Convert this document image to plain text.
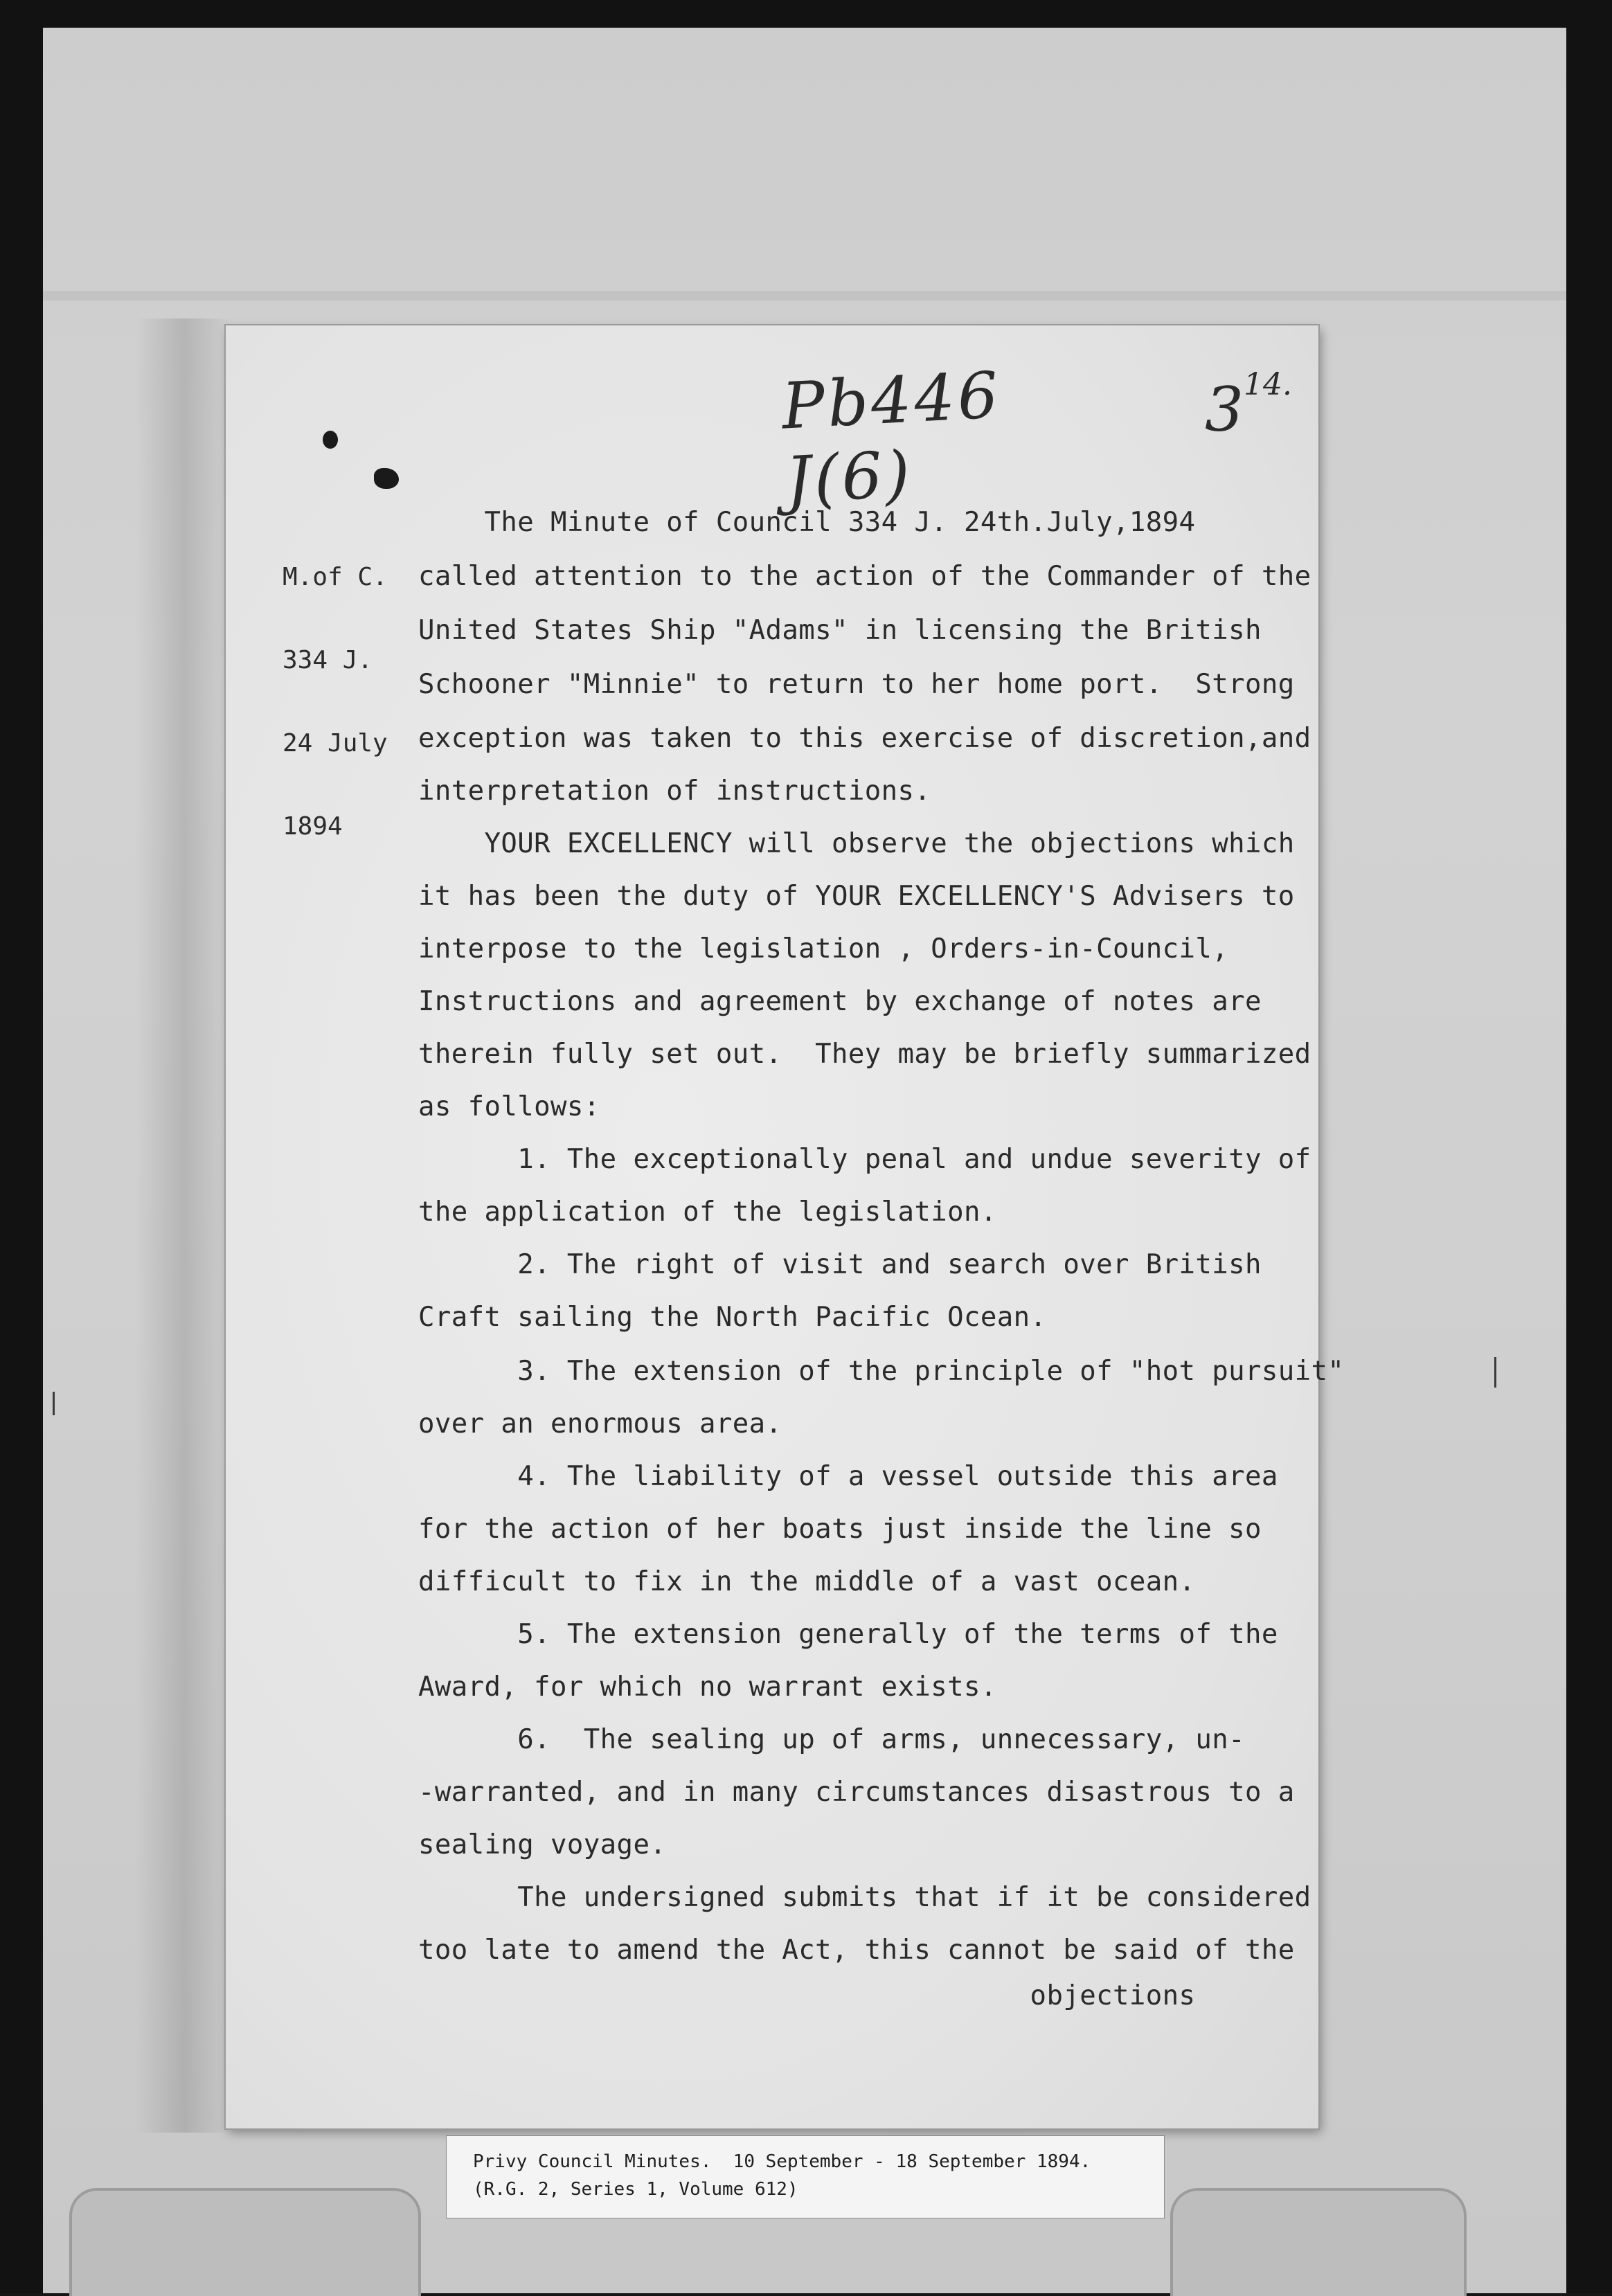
Pb446 J(6)
$3^{14.}$

M.of C.

334 J.

24 July

1894

The Minute of Council 334 J. 24th.July,1894
called attention to the action of the Commander of the
United States Ship "Adams" in licensing the British
Schooner "Minnie" to return to her home port.  Strong
exception was taken to this exercise of discretion,and
interpretation of instructions.
YOUR EXCELLENCY will observe the objections which
it has been the duty of YOUR EXCELLENCY'S Advisers to
interpose to the legislation , Orders-in-Council,
Instructions and agreement by exchange of notes are
therein fully set out.  They may be briefly summarized
as follows:
1. The exceptionally penal and undue severity of
the application of the legislation.
2. The right of visit and search over British
Craft sailing the North Pacific Ocean.
3. The extension of the principle of "hot pursuit"
over an enormous area.
4. The liability of a vessel outside this area
for the action of her boats just inside the line so
difficult to fix in the middle of a vast ocean.
5. The extension generally of the terms of the
Award, for which no warrant exists.
6.  The sealing up of arms, unnecessary, un-
-warranted, and in many circumstances disastrous to a
sealing voyage.
The undersigned submits that if it be considered
too late to amend the Act, this cannot be said of the
objections
Privy Council Minutes.  10 September - 18 September 1894.
(R.G. 2, Series 1, Volume 612)
